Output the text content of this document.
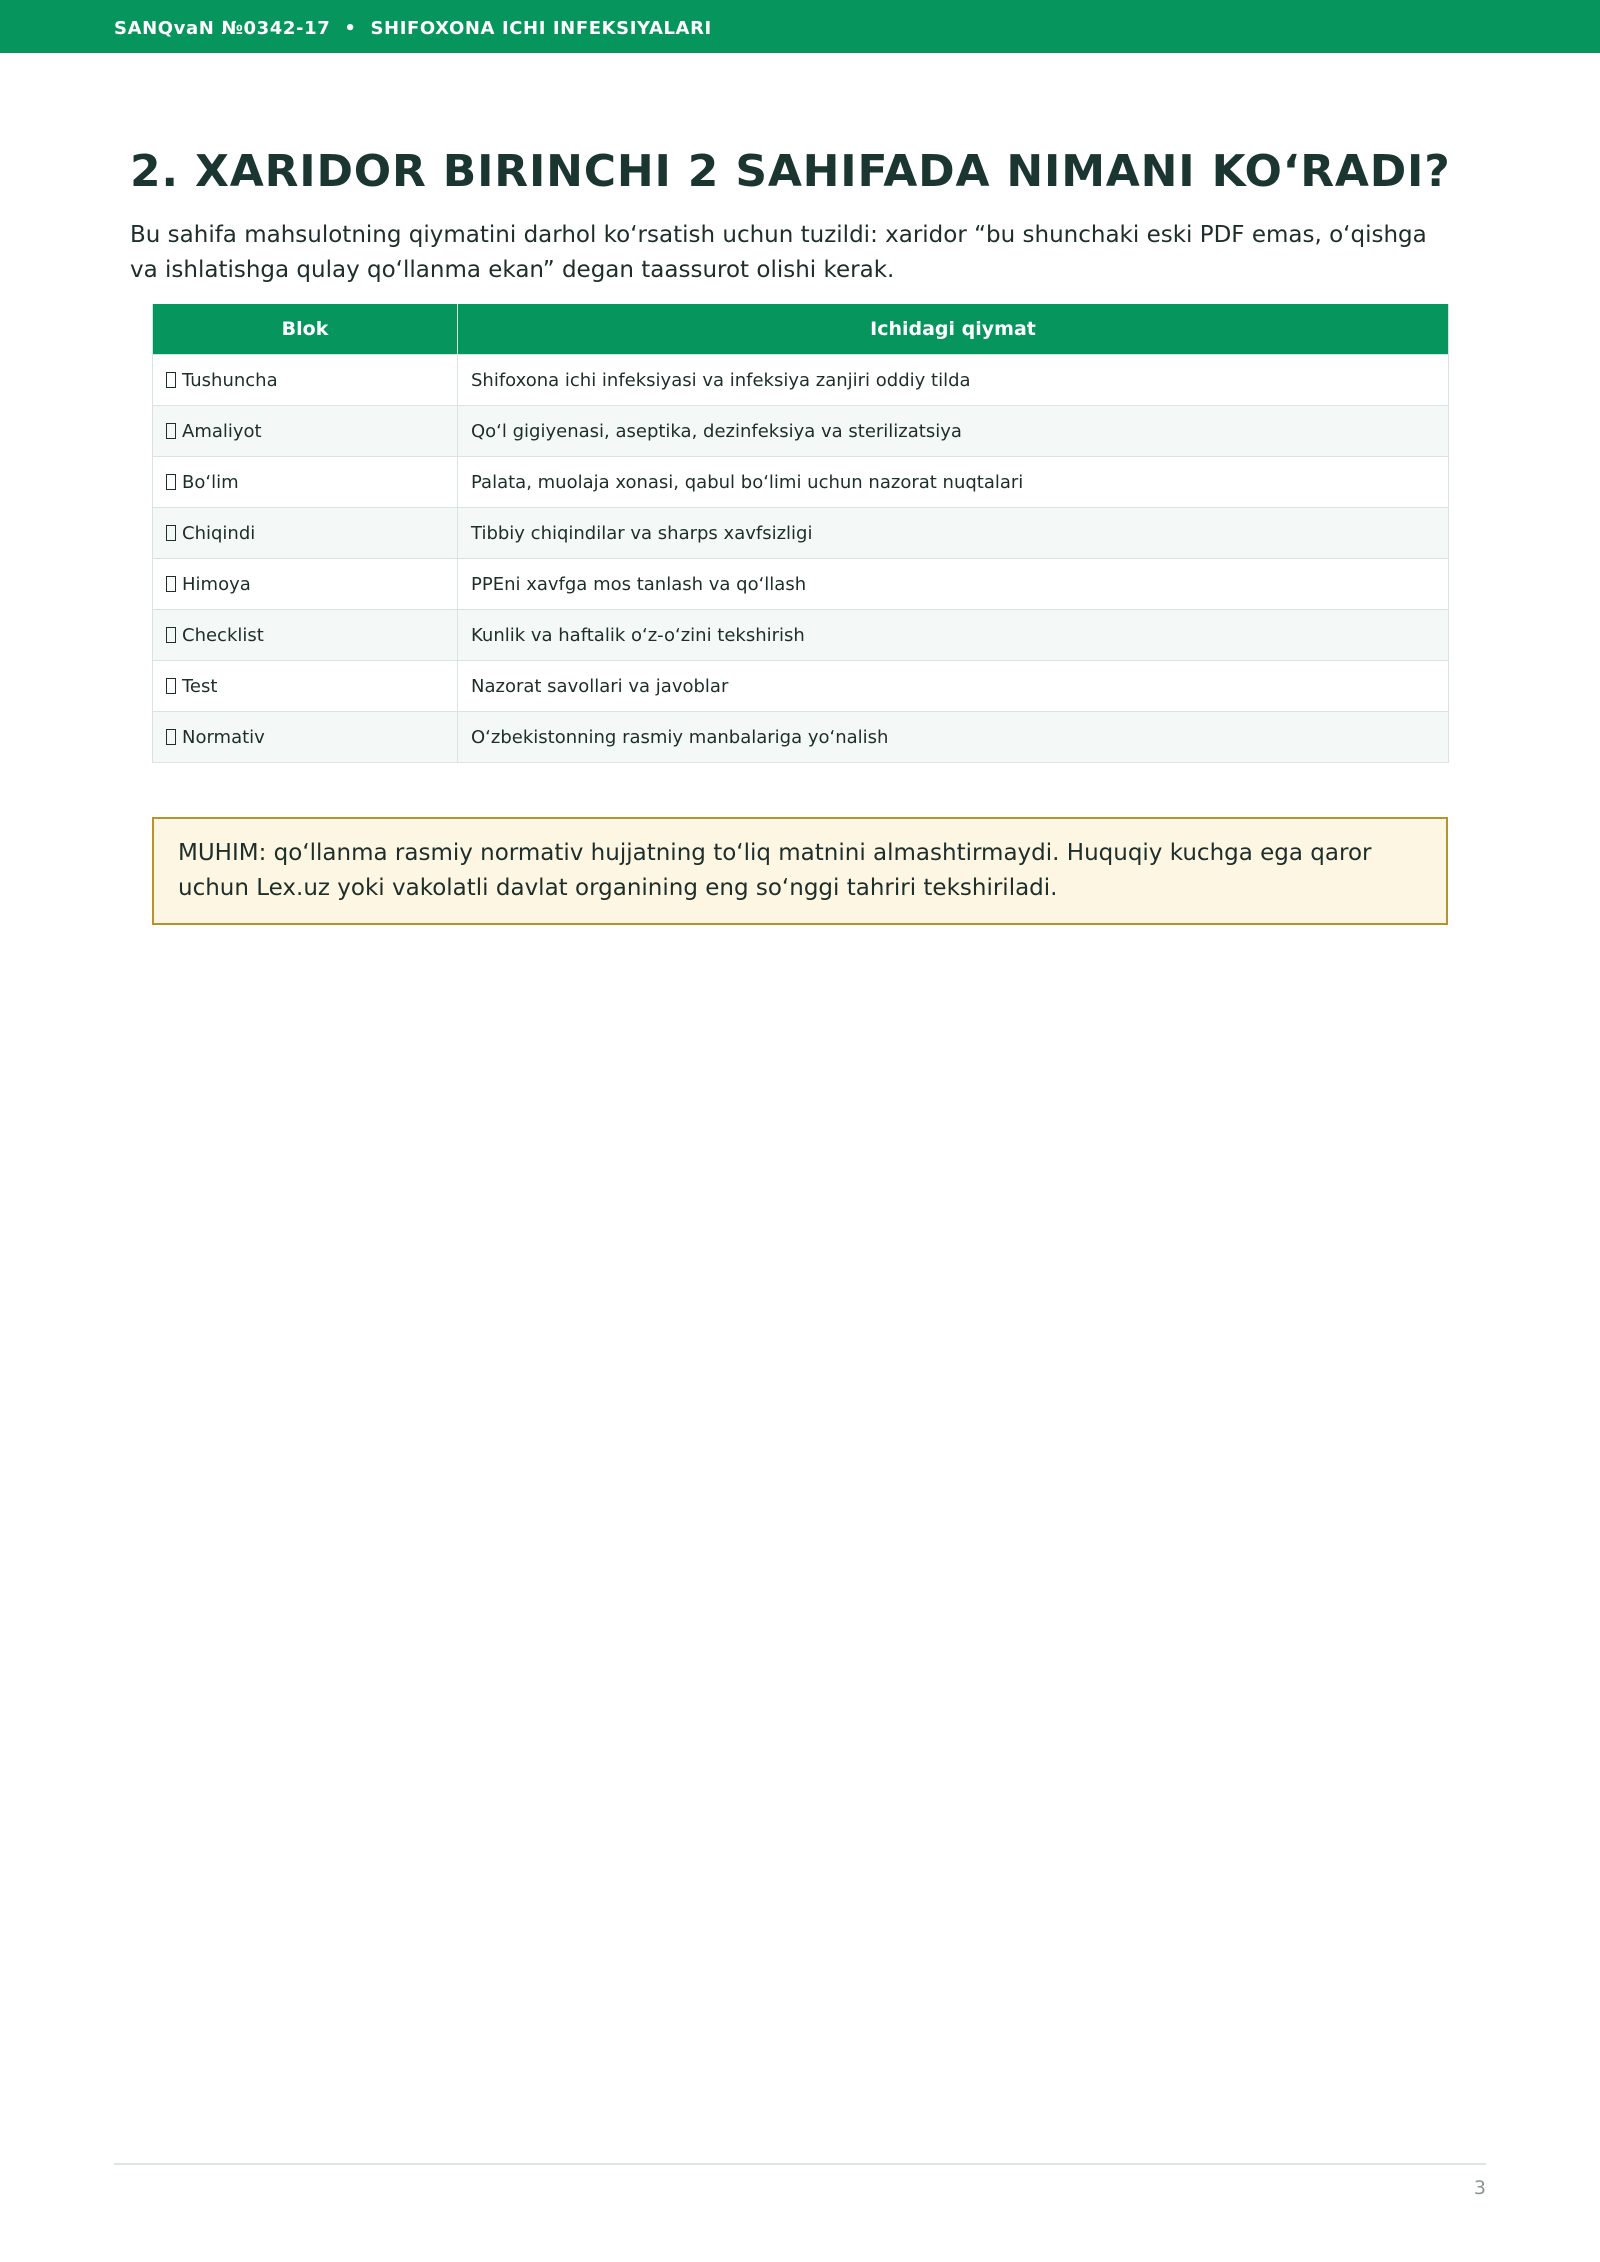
SANQvaN №0342-17 • SHIFOXONA ICHI INFEKSIYALARI
2. XARIDOR BIRINCHI 2 SAHIFADA NIMANI KO‘RADI?

Bu sahifa mahsulotning qiymatini darhol ko‘rsatish uchun tuzildi: xaridor “bu shunchaki eski PDF emas, o‘qishga va ishlatishga qulay qo‘llanma ekan” degan taassurot olishi kerak.

Blok	Ichidagi qiymat
Tushuncha	Shifoxona ichi infeksiyasi va infeksiya zanjiri oddiy tilda
Amaliyot	Qo‘l gigiyenasi, aseptika, dezinfeksiya va sterilizatsiya
Bo‘lim	Palata, muolaja xonasi, qabul bo‘limi uchun nazorat nuqtalari
Chiqindi	Tibbiy chiqindilar va sharps xavfsizligi
Himoya	PPEni xavfga mos tanlash va qo‘llash
Checklist	Kunlik va haftalik o‘z-o‘zini tekshirish
Test	Nazorat savollari va javoblar
Normativ	O‘zbekistonning rasmiy manbalariga yo‘nalish
MUHIM: qo‘llanma rasmiy normativ hujjatning to‘liq matnini almashtirmaydi. Huquqiy kuchga ega qaror uchun Lex.uz yoki vakolatli davlat organining eng so‘nggi tahriri tekshiriladi.
3
